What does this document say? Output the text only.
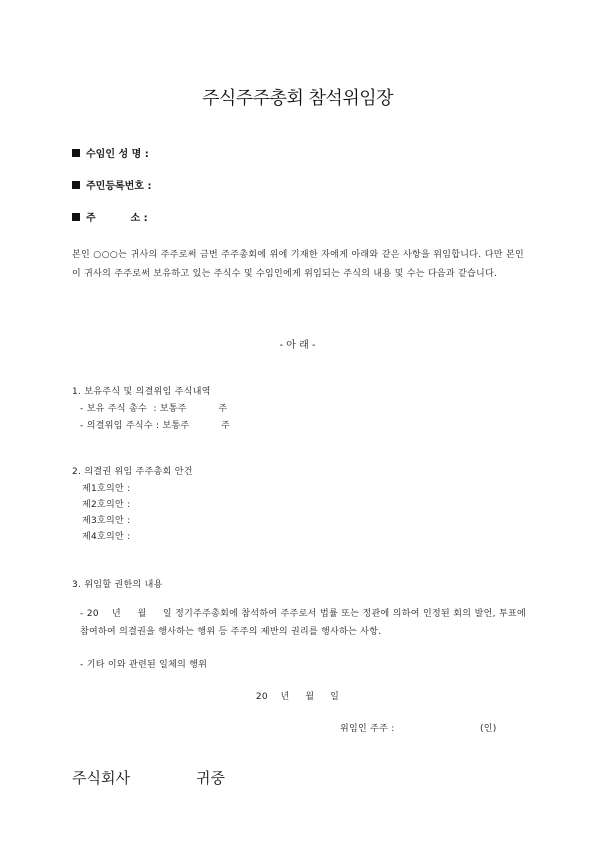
주식주주총회 참석위임장
수임인 성 명 :
주민등록번호 :
주          소 :
본인 ○○○는 귀사의 주주로써 금번 주주총회에 위에 기재한 자에게 아래와 같은 사항을 위임합니다. 다만 본인이 귀사의 주주로써 보유하고 있는 주식수 및 수임인에게 위임되는 주식의 내용 및 수는 다음과 같습니다.
- 아 래 -
1. 보유주식 및 의결위임 주식내역
- 보유 주식 총수  : 보통주          주
- 의결위임 주식수 : 보통주          주
2. 의결권 위임 주주총회 안건
제1호의안 :
제2호의안 :
제3호의안 :
제4호의안 :
3. 위임할 권한의 내용
- 20    년     월     일 정기주주총회에 참석하여 주주로서 법률 또는 정관에 의하여 인정된 회의 발언, 투표에 참여하여 의결권을 행사하는 행위 등 주주의 제반의 권리를 행사하는 사항.
- 기타 이와 관련된 일체의 행위
20    년     월     일
위임인 주주 :	(인)
주식회사	귀중
